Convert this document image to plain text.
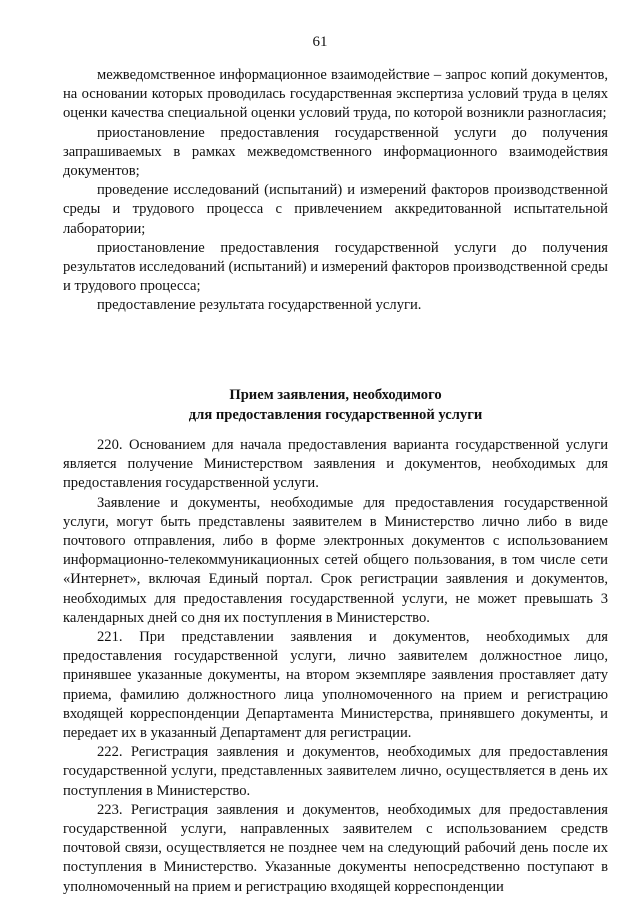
61

межведомственное информационное взаимодействие – запрос копий документов, на основании которых проводилась государственная экспертиза условий труда в целях оценки качества специальной оценки условий труда, по которой возникли разногласия;

приостановление предоставления государственной услуги до получения запрашиваемых в рамках межведомственного информационного взаимодействия документов;

проведение исследований (испытаний) и измерений факторов производственной среды и трудового процесса с привлечением аккредитованной испытательной лаборатории;

приостановление предоставления государственной услуги до получения результатов исследований (испытаний) и измерений факторов производственной среды и трудового процесса;

предоставление результата государственной услуги.

Прием заявления, необходимого
для предоставления государственной услуги

220. Основанием для начала предоставления варианта государственной услуги является получение Министерством заявления и документов, необходимых для предоставления государственной услуги.

Заявление и документы, необходимые для предоставления государственной услуги, могут быть представлены заявителем в Министерство лично либо в виде почтового отправления, либо в форме электронных документов с использованием информационно-телекоммуникационных сетей общего пользования, в том числе сети «Интернет», включая Единый портал. Срок регистрации заявления и документов, необходимых для предоставления государственной услуги, не может превышать 3 календарных дней со дня их поступления в Министерство.

221. При представлении заявления и документов, необходимых для предоставления государственной услуги, лично заявителем должностное лицо, принявшее указанные документы, на втором экземпляре заявления проставляет дату приема, фамилию должностного лица уполномоченного на прием и регистрацию входящей корреспонденции Департамента Министерства, принявшего документы, и передает их в указанный Департамент для регистрации.

222. Регистрация заявления и документов, необходимых для предоставления государственной услуги, представленных заявителем лично, осуществляется в день их поступления в Министерство.

223. Регистрация заявления и документов, необходимых для предоставления государственной услуги, направленных заявителем с использованием средств почтовой связи, осуществляется не позднее чем на следующий рабочий день после их поступления в Министерство. Указанные документы непосредственно поступают в уполномоченный на прием и регистрацию входящей корреспонденции
